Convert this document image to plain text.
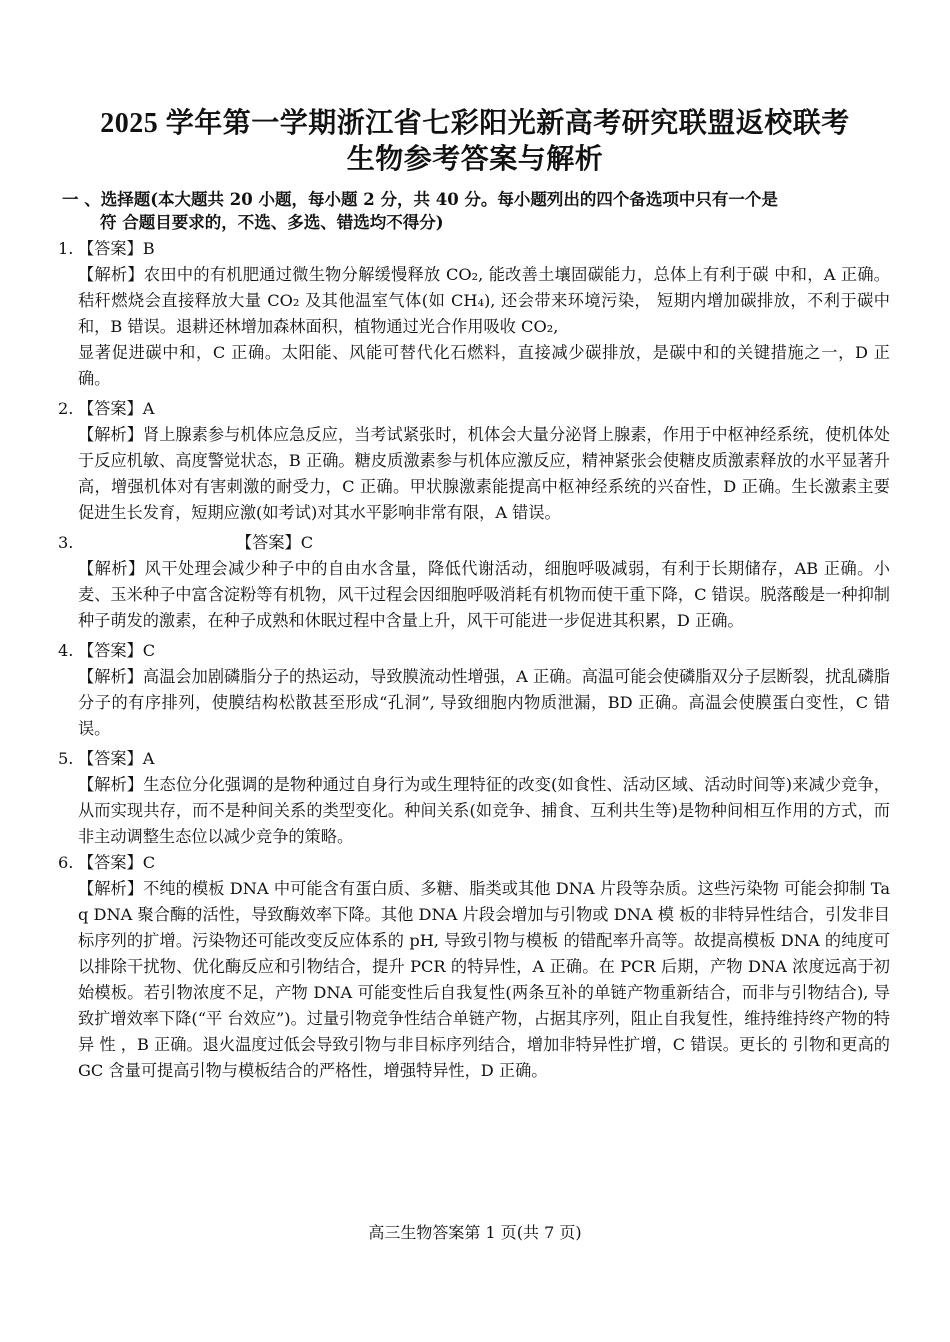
2025 学年第一学期浙江省七彩阳光新高考研究联盟返校联考
生物参考答案与解析
一 、选择题(本大题共 20 小题，每小题 2 分，共 40 分。每小题列出的四个备选项中只有一个是
符 合题目要求的，不选、多选、错选均不得分)
1. 【答案】B

【解析】农田中的有机肥通过微生物分解缓慢释放 CO₂, 能改善土壤固碳能力，总体上有利于碳 中和，A 正确。秸秆燃烧会直接释放大量 CO₂ 及其他温室气体(如 CH₄), 还会带来环境污染， 短期内增加碳排放，不利于碳中和，B 错误。退耕还林增加森林面积，植物通过光合作用吸收 CO₂,

显著促进碳中和，C 正确。太阳能、风能可替代化石燃料，直接减少碳排放，是碳中和的关键措施之一，D 正确。

2. 【答案】A

【解析】肾上腺素参与机体应急反应，当考试紧张时，机体会大量分泌肾上腺素，作用于中枢神经系统，使机体处于反应机敏、高度警觉状态，B 正确。糖皮质激素参与机体应激反应，精神紧张会使糖皮质激素释放的水平显著升高，增强机体对有害刺激的耐受力，C 正确。甲状腺激素能提高中枢神经系统的兴奋性，D 正确。生长激素主要促进生长发育，短期应激(如考试)对其水平影响非常有限，A 错误。

3.	【答案】C

【解析】风干处理会减少种子中的自由水含量，降低代谢活动，细胞呼吸减弱，有利于长期储存，AB 正确。小麦、玉米种子中富含淀粉等有机物，风干过程会因细胞呼吸消耗有机物而使干重下降，C 错误。脱落酸是一种抑制种子萌发的激素，在种子成熟和休眠过程中含量上升，风干可能进一步促进其积累，D 正确。

4. 【答案】C

【解析】高温会加剧磷脂分子的热运动，导致膜流动性增强，A 正确。高温可能会使磷脂双分子层断裂，扰乱磷脂分子的有序排列，使膜结构松散甚至形成“孔洞”, 导致细胞内物质泄漏，BD 正确。高温会使膜蛋白变性，C 错误。

5. 【答案】A

【解析】生态位分化强调的是物种通过自身行为或生理特征的改变(如食性、活动区域、活动时间等)来减少竞争，从而实现共存，而不是种间关系的类型变化。种间关系(如竞争、捕食、互利共生等)是物种间相互作用的方式，而非主动调整生态位以减少竞争的策略。

6. 【答案】C

【解析】不纯的模板 DNA 中可能含有蛋白质、多糖、脂类或其他 DNA 片段等杂质。这些污染物 可能会抑制 Taq DNA 聚合酶的活性，导致酶效率下降。其他 DNA 片段会增加与引物或 DNA 模 板的非特异性结合，引发非目标序列的扩增。污染物还可能改变反应体系的 pH, 导致引物与模板 的错配率升高等。故提高模板 DNA 的纯度可以排除干扰物、优化酶反应和引物结合，提升 PCR 的特异性，A 正确。在 PCR 后期，产物 DNA 浓度远高于初始模板。若引物浓度不足，产物 DNA 可能变性后自我复性(两条互补的单链产物重新结合，而非与引物结合), 导致扩增效率下降(“平 台效应”)。过量引物竞争性结合单链产物，占据其序列，阻止自我复性，维持维持终产物的特异 性 ，B 正确。退火温度过低会导致引物与非目标序列结合，增加非特异性扩增，C 错误。更长的 引物和更高的 GC 含量可提高引物与模板结合的严格性，增强特异性，D 正确。

高三生物答案第 1 页(共 7 页)
